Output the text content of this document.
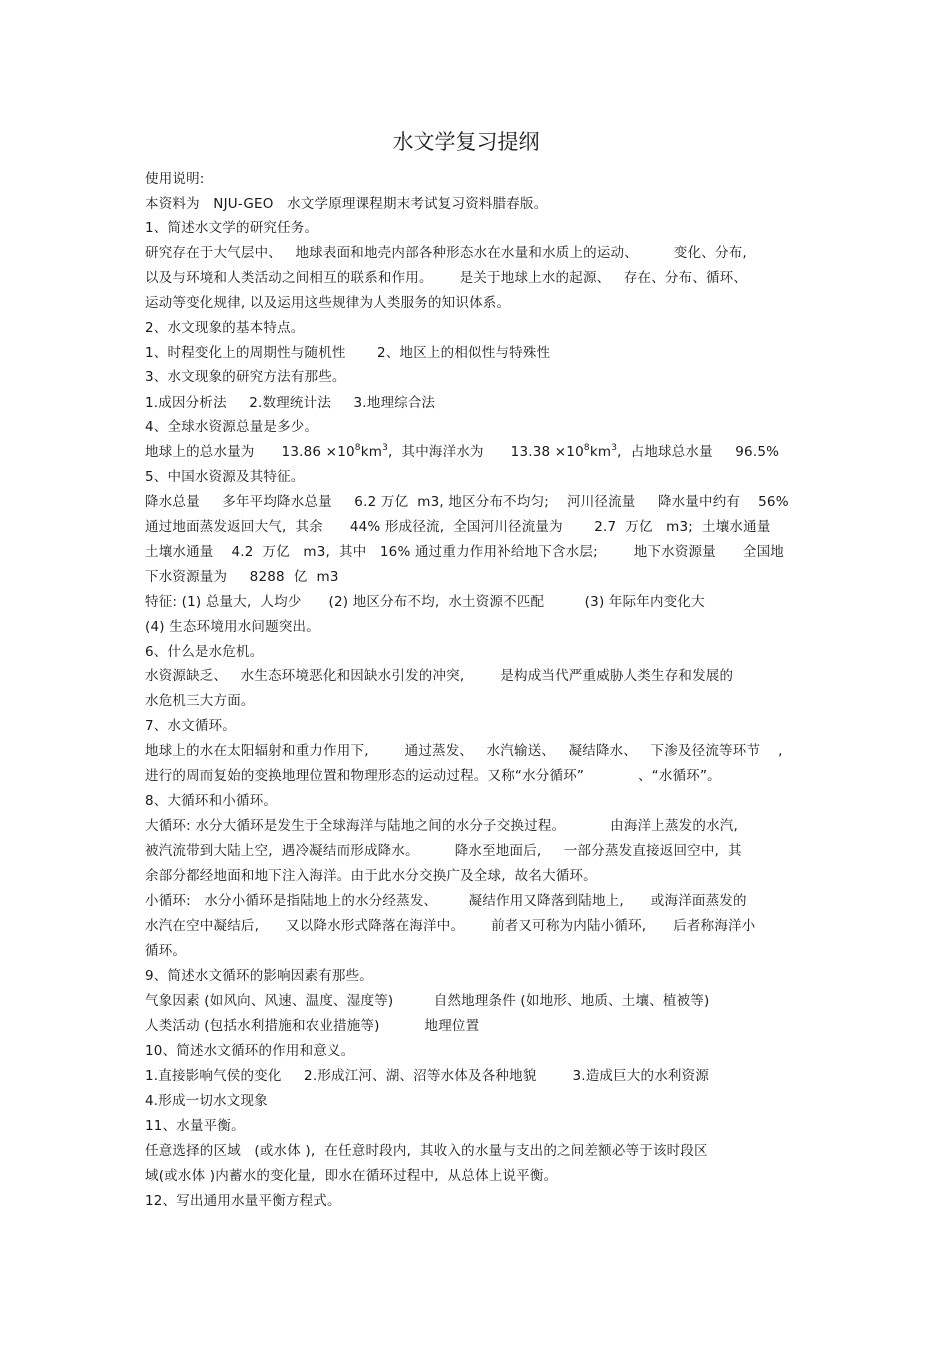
水文学复习提纲
使用说明:
本资料为   NJU-GEO   水文学原理课程期末考试复习资料腊春版。
1、简述水文学的研究任务。
研究存在于大气层中、   地球表面和地壳内部各种形态水在水量和水质上的运动、        变化、分布,
以及与环境和人类活动之间相互的联系和作用。      是关于地球上水的起源、   存在、分布、循环、
运动等变化规律, 以及运用这些规律为人类服务的知识体系。
2、水文现象的基本特点。
1、时程变化上的周期性与随机性       2、地区上的相似性与特殊性
3、水文现象的研究方法有那些。
1.成因分析法     2.数理统计法     3.地理综合法
4、全球水资源总量是多少。
地球上的总水量为      $13.86 \times 10^8km^3$,  其中海洋水为      $13.38 \times 10^8km^3$,  占地球总水量     96.5%
5、中国水资源及其特征。
降水总量     多年平均降水总量     6.2 万亿  m3, 地区分布不均匀;    河川径流量     降水量中约有    56%
通过地面蒸发返回大气,  其余      44% 形成径流,  全国河川径流量为       2.7  万亿   m3;  土壤水通量
土壤水通量    4.2  万亿   m3,  其中   16% 通过重力作用补给地下含水层;        地下水资源量      全国地
下水资源量为     8288  亿  m3
特征: (1) 总量大,  人均少      (2) 地区分布不均,  水土资源不匹配         (3) 年际年内变化大
(4) 生态环境用水问题突出。
6、什么是水危机。
水资源缺乏、   水生态环境恶化和因缺水引发的冲突,        是构成当代严重威胁人类生存和发展的
水危机三大方面。
7、水文循环。
地球上的水在太阳辐射和重力作用下,        通过蒸发、   水汽输送、   凝结降水、   下渗及径流等环节    ,
进行的周而复始的变换地理位置和物理形态的运动过程。又称“水分循环”            、“水循环”。
8、大循环和小循环。
大循环: 水分大循环是发生于全球海洋与陆地之间的水分子交换过程。          由海洋上蒸发的水汽,
被汽流带到大陆上空,  遇冷凝结而形成降水。        降水至地面后,     一部分蒸发直接返回空中,  其
余部分都经地面和地下注入海洋。由于此水分交换广及全球,  故名大循环。
小循环:   水分小循环是指陆地上的水分经蒸发、       凝结作用又降落到陆地上,      或海洋面蒸发的
水汽在空中凝结后,      又以降水形式降落在海洋中。      前者又可称为内陆小循环,      后者称海洋小
循环。
9、简述水文循环的影响因素有那些。
气象因素 (如风向、风速、温度、湿度等)         自然地理条件 (如地形、地质、土壤、植被等)
人类活动 (包括水利措施和农业措施等)          地理位置
10、简述水文循环的作用和意义。
1.直接影响气侯的变化     2.形成江河、湖、沼等水体及各种地貌        3.造成巨大的水利资源
4.形成一切水文现象
11、水量平衡。
任意选择的区域   (或水体 ),  在任意时段内,  其收入的水量与支出的之间差额必等于该时段区
域(或水体 )内蓄水的变化量,  即水在循环过程中,  从总体上说平衡。
12、写出通用水量平衡方程式。
